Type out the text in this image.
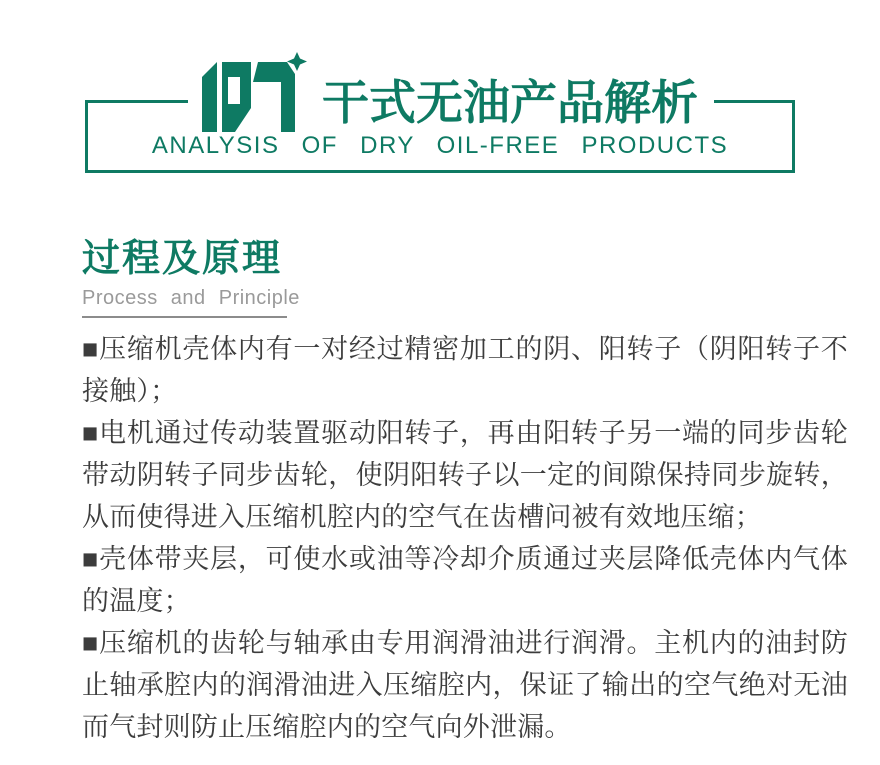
干式无油产品解析
ANALYSIS OF DRY OIL-FREE PRODUCTS
过程及原理
Process and Principle

■压缩机壳体内有一对经过精密加工的阴、阳转子（阴阳转子不接触）；

■电机通过传动装置驱动阳转子，再由阳转子另一端的同步齿轮带动阴转子同步齿轮，使阴阳转子以一定的间隙保持同步旋转，从而使得进入压缩机腔内的空气在齿槽问被有效地压缩；

■壳体带夹层，可使水或油等冷却介质通过夹层降低壳体内气体的温度；

■压缩机的齿轮与轴承由专用润滑油进行润滑。主机内的油封防止轴承腔内的润滑油进入压缩腔内，保证了输出的空气绝对无油而气封则防止压缩腔内的空气向外泄漏。
